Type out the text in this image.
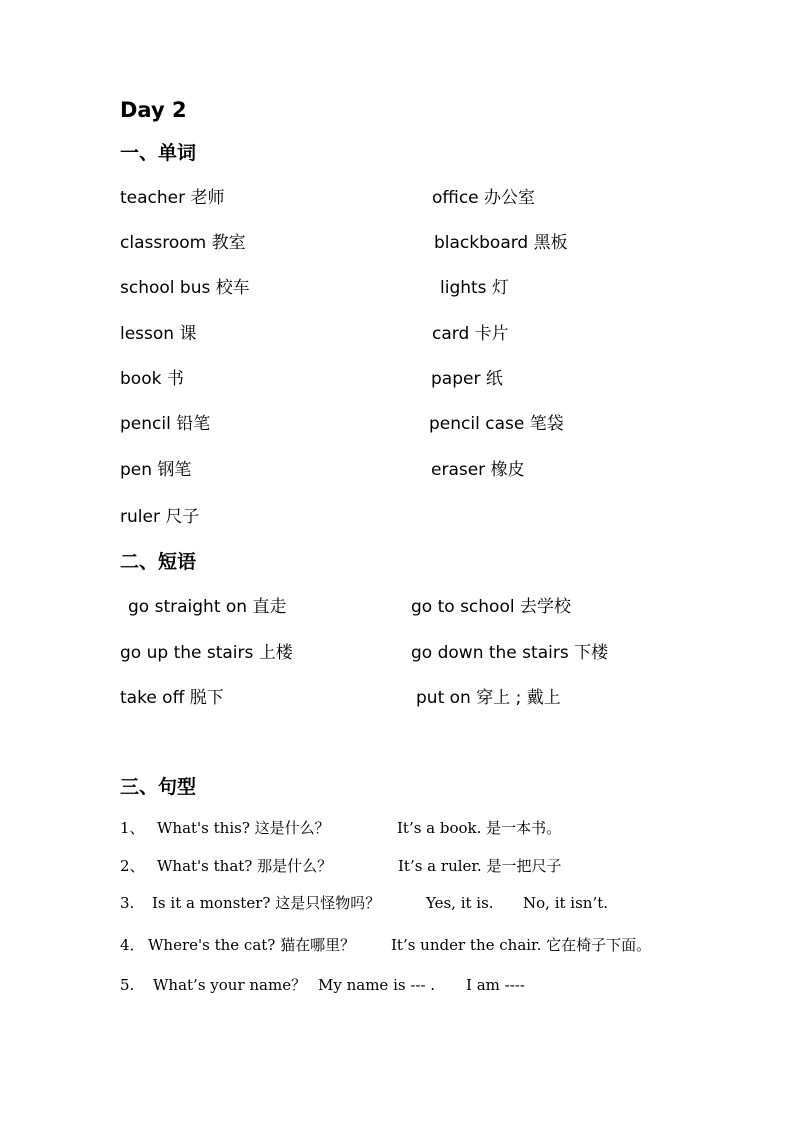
Day 2
一、单词
teacher 老师	office 办公室
classroom 教室	blackboard 黑板
school bus 校车	lights 灯
lesson 课	card 卡片
book 书	paper 纸
pencil 铅笔	pencil case 笔袋
pen 钢笔	eraser 橡皮
ruler 尺子
二、短语
go straight on 直走	go to school 去学校
go up the stairs 上楼	go down the stairs 下楼
take off 脱下	put on 穿上 ; 戴上
三、句型
1、 What's this? 这是什么？	It’s a book. 是一本书。
2、 What's that? 那是什么？	It’s a ruler. 是一把尺子
3. Is it a monster? 这是只怪物吗？	Yes, it is. No, it isn’t.
4． Where's the cat? 猫在哪里？ It’s under the chair. 它在椅子下面。
5. What’s your name？ My name is --- . I am ----
